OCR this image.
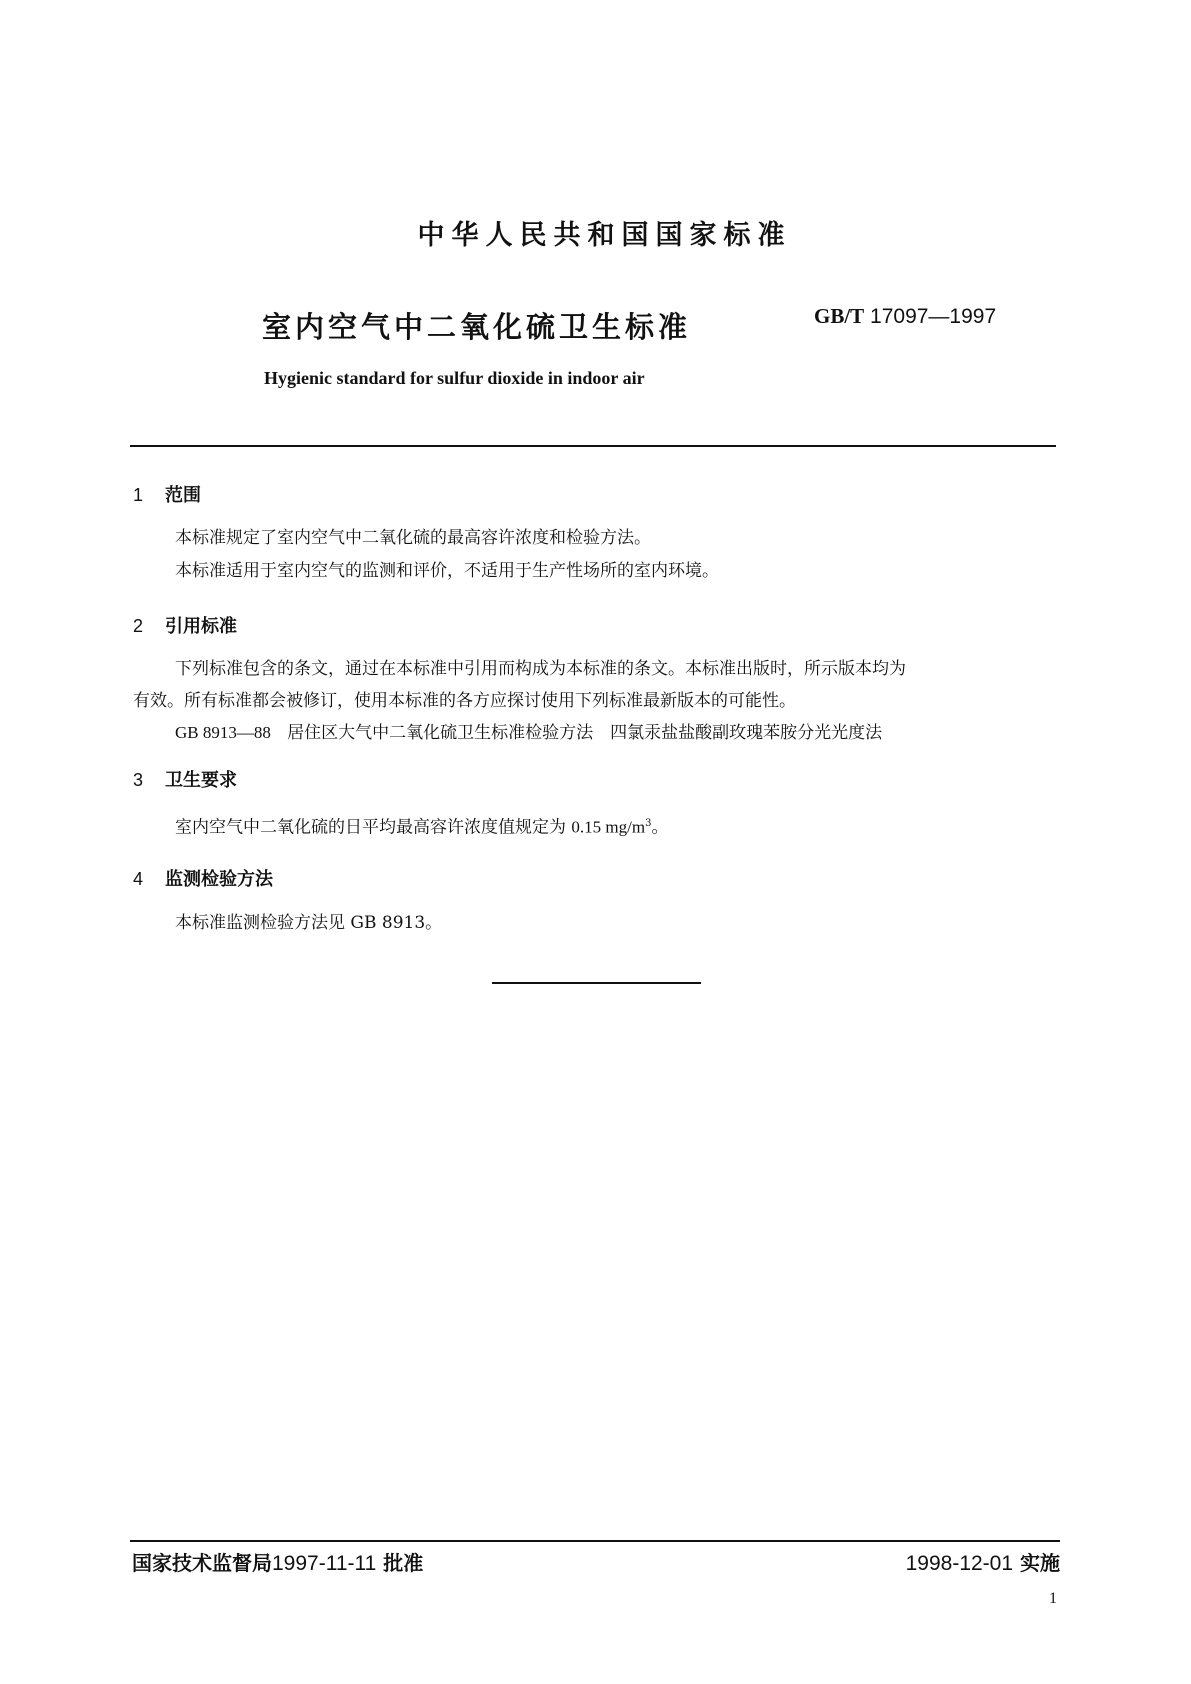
中华人民共和国国家标准
室内空气中二氧化硫卫生标准	GB/T 17097—1997
Hygienic standard for sulfur dioxide in indoor air
1 范围
本标准规定了室内空气中二氧化硫的最高容许浓度和检验方法。
本标准适用于室内空气的监测和评价，不适用于生产性场所的室内环境。
2 引用标准
下列标准包含的条文，通过在本标准中引用而构成为本标准的条文。本标准出版时，所示版本均为
有效。所有标准都会被修订，使用本标准的各方应探讨使用下列标准最新版本的可能性。
GB 8913—88 居住区大气中二氧化硫卫生标准检验方法　四氯汞盐盐酸副玫瑰苯胺分光光度法
3 卫生要求
室内空气中二氧化硫的日平均最高容许浓度值规定为 0.15 $mg/m^3$。
4 监测检验方法
本标准监测检验方法见 GB 8913。
国家技术监督局1997-11-11 批准	1998-12-01 实施
1
